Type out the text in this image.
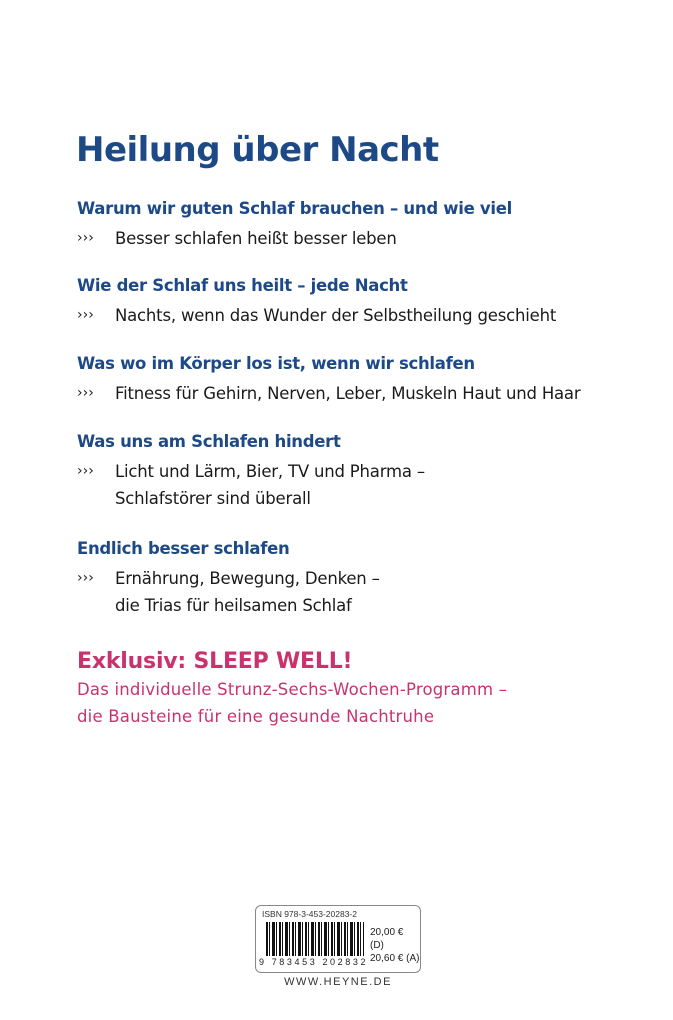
Heilung über Nacht
Warum wir guten Schlaf brauchen – und wie viel
›››	Besser schlafen heißt besser leben
Wie der Schlaf uns heilt – jede Nacht
›››	Nachts, wenn das Wunder der Selbstheilung geschieht
Was wo im Körper los ist, wenn wir schlafen
›››	Fitness für Gehirn, Nerven, Leber, Muskeln Haut und Haar
Was uns am Schlafen hindert
›››	Licht und Lärm, Bier, TV und Pharma –
Schlafstörer sind überall
Endlich besser schlafen
›››	Ernährung, Bewegung, Denken –
die Trias für heilsamen Schlaf
Exklusiv: SLEEP WELL!
Das individuelle Strunz-Sechs-Wochen-Programm –
die Bausteine für eine gesunde Nachtruhe
ISBN 978-3-453-20283-2
9 783453 202832
20,00 € (D)
20,60 € (A)
WWW.HEYNE.DE
